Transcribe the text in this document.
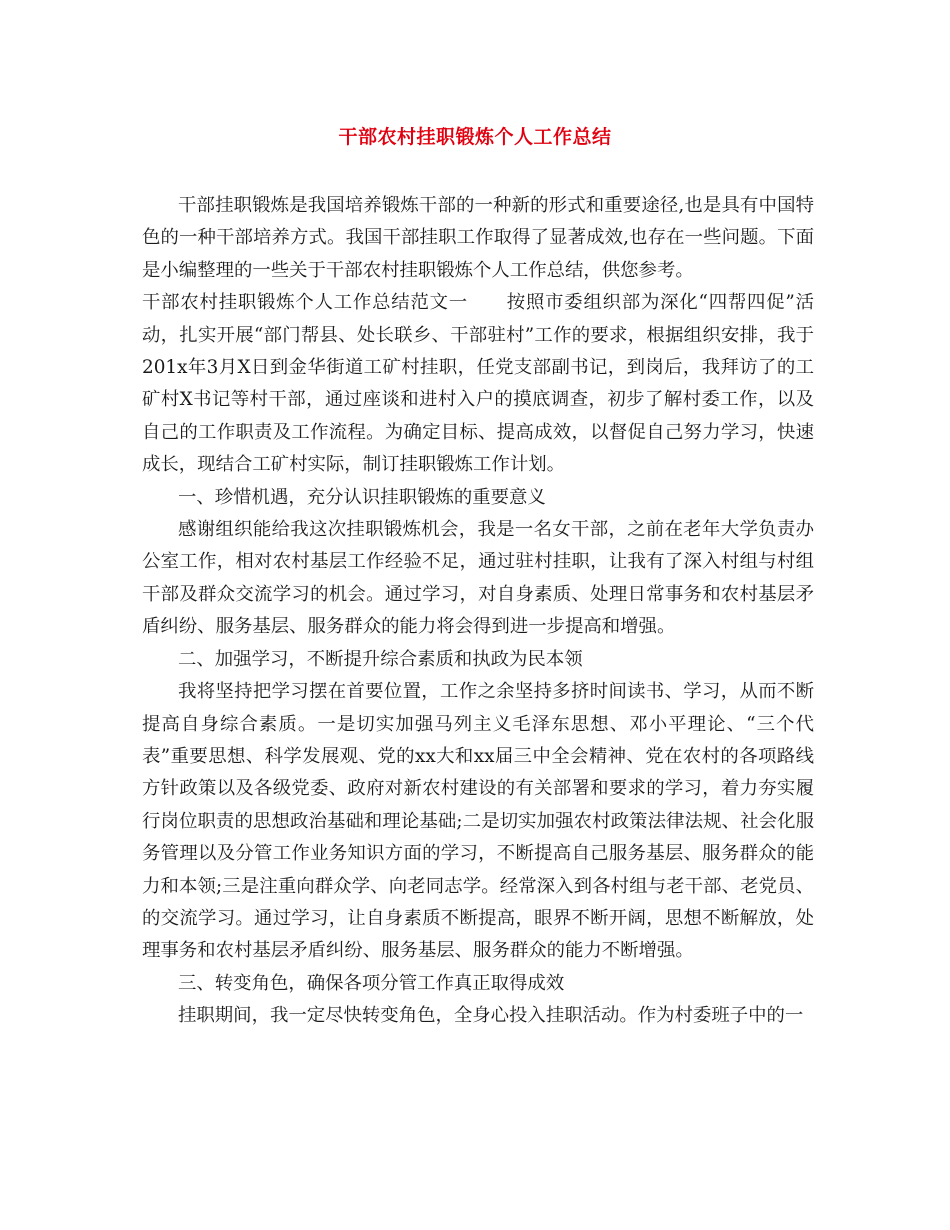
干部农村挂职锻炼个人工作总结

干部挂职锻炼是我国培养锻炼干部的一种新的形式和重要途径,也是具有中国特色的一种干部培养方式。我国干部挂职工作取得了显著成效,也存在一些问题。下面是小编整理的一些关于干部农村挂职锻炼个人工作总结，供您参考。

干部农村挂职锻炼个人工作总结范文一 按照市委组织部为深化“四帮四促”活动，扎实开展“部门帮县、处长联乡、干部驻村”工作的要求，根据组织安排，我于201x年3月X日到金华街道工矿村挂职，任党支部副书记，到岗后，我拜访了的工矿村X书记等村干部，通过座谈和进村入户的摸底调查，初步了解村委工作，以及自己的工作职责及工作流程。为确定目标、提高成效，以督促自己努力学习，快速成长，现结合工矿村实际，制订挂职锻炼工作计划。

一、珍惜机遇，充分认识挂职锻炼的重要意义

感谢组织能给我这次挂职锻炼机会，我是一名女干部，之前在老年大学负责办公室工作，相对农村基层工作经验不足，通过驻村挂职，让我有了深入村组与村组干部及群众交流学习的机会。通过学习，对自身素质、处理日常事务和农村基层矛盾纠纷、服务基层、服务群众的能力将会得到进一步提高和增强。

二、加强学习，不断提升综合素质和执政为民本领

我将坚持把学习摆在首要位置，工作之余坚持多挤时间读书、学习，从而不断提高自身综合素质。一是切实加强马列主义毛泽东思想、邓小平理论、“三个代表”重要思想、科学发展观、党的xx大和xx届三中全会精神、党在农村的各项路线方针政策以及各级党委、政府对新农村建设的有关部署和要求的学习，着力夯实履行岗位职责的思想政治基础和理论基础;二是切实加强农村政策法律法规、社会化服务管理以及分管工作业务知识方面的学习，不断提高自己服务基层、服务群众的能力和本领;三是注重向群众学、向老同志学。经常深入到各村组与老干部、老党员、的交流学习。通过学习，让自身素质不断提高，眼界不断开阔，思想不断解放，处理事务和农村基层矛盾纠纷、服务基层、服务群众的能力不断增强。

三、转变角色，确保各项分管工作真正取得成效

挂职期间，我一定尽快转变角色，全身心投入挂职活动。作为村委班子中的一
